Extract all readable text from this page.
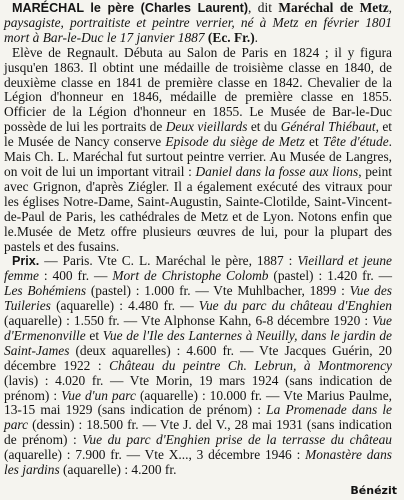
MARÉCHAL le père (Charles Laurent), dit Maréchal de Metz, paysagiste, portraitiste et peintre verrier, né à Metz en février 1801 mort à Bar-le-Duc le 17 janvier 1887 (Ec. Fr.).

Elève de Regnault. Débuta au Salon de Paris en 1824 ; il y figura jusqu'en 1863. Il obtint une médaille de troisième classe en 1840, de deuxième classe en 1841 de première classe en 1842. Chevalier de la Légion d'honneur en 1846, médaille de première classe en 1855. Officier de la Légion d'honneur en 1855. Le Musée de Bar-le-Duc possède de lui les portraits de Deux vieillards et du Général Thiébaut, et le Musée de Nancy conserve Episode du siège de Metz et Tête d'étude. Mais Ch. L. Maréchal fut surtout peintre verrier. Au Musée de Langres, on voit de lui un important vitrail : Daniel dans la fosse aux lions, peint avec Grignon, d'après Ziégler. Il a également exécuté des vitraux pour les églises Notre-Dame, Saint-Augustin, Sainte-Clotilde, Saint-Vincent-de-Paul de Paris, les cathédrales de Metz et de Lyon. Notons enfin que le.Musée de Metz offre plusieurs œuvres de lui, pour la plupart des pastels et des fusains.

Prix. — Paris. Vte C. L. Maréchal le père, 1887 : Vieillard et jeune femme : 400 fr. — Mort de Christophe Colomb (pastel) : 1.420 fr. — Les Bohémiens (pastel) : 1.000 fr. — Vte Muhlbacher, 1899 : Vue des Tuileries (aquarelle) : 4.480 fr. — Vue du parc du château d'Enghien (aquarelle) : 1.550 fr. — Vte Alphonse Kahn, 6-8 décembre 1920 : Vue d'Ermenonville et Vue de l'Ile des Lanternes à Neuilly, dans le jardin de Saint-James (deux aquarelles) : 4.600 fr. — Vte Jacques Guérin, 20 décembre 1922 : Château du peintre Ch. Lebrun, à Montmorency (lavis) : 4.020 fr. — Vte Morin, 19 mars 1924 (sans indication de prénom) : Vue d'un parc (aquarelle) : 10.000 fr. — Vte Marius Paulme, 13-15 mai 1929 (sans indication de prénom) : La Promenade dans le parc (dessin) : 18.500 fr. — Vte J. del V., 28 mai 1931 (sans indication de prénom) : Vue du parc d'Enghien prise de la terrasse du château (aquarelle) : 7.900 fr. — Vte X..., 3 décembre 1946 : Monastère dans les jardins (aquarelle) : 4.200 fr.

Bénézit
